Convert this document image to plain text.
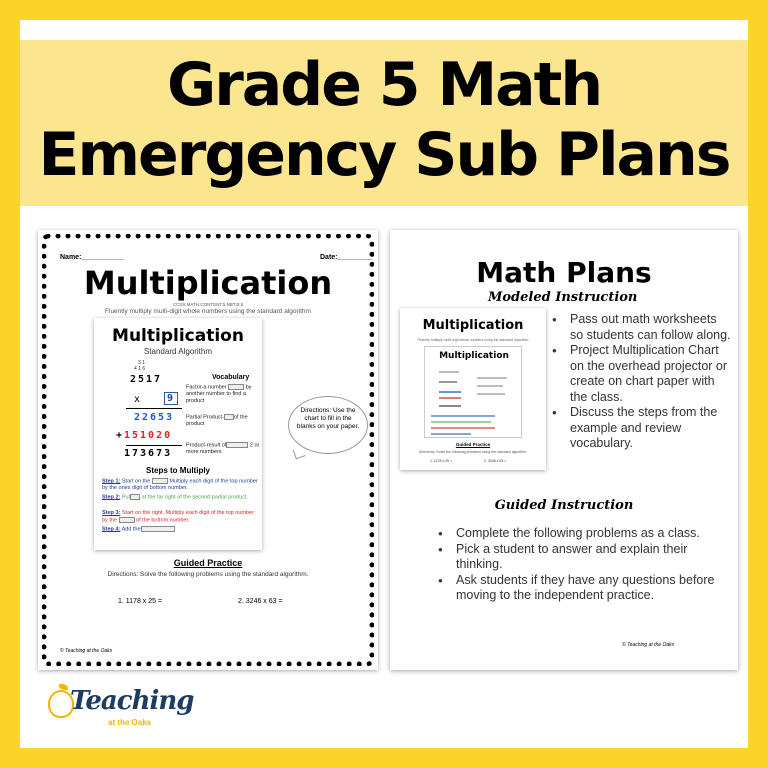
Grade 5 Math
Emergency Sub Plans
Name:___________	Date:_________
Multiplication
CCSS.MATH.CONTENT.5.NBT.B.5
Fluently multiply multi-digit whole numbers using the standard algorithm
Multiplication
Standard Algorithm
3 1
4 1 6
2517
x	9
22653
+ 151020
173673
Vocabulary
Factor-a number	by another number to find a product
Partial Product- of the product
Product-result of	2 or more numbers
Steps to Multiply
Step 1: Start on the	Multiply each digit of the top number by the ones digit of bottom number.
Step 2: Put at the far right of the second partial product.
Step 3: Start on the right. Multiply each digit of the top number by the	of the bottom number.
Step 4: Add the
Directions: Use the chart to fill in the blanks on your paper.
Guided Practice
Directions: Solve the following problems using the standard algorithm.
1. 1178 x 25 =	2. 3246 x 63 =
© Teaching at the Oaks
Math Plans
Modeled Instruction
Multiplication
Fluently multiply multi-digit whole numbers using the standard algorithm
Multiplication
Guided Practice
Directions: Solve the following problems using the standard algorithm.
1. 1178 x 25 =	2. 3246 x 63 =
● Pass out math worksheets so students can follow along.
● Project Multiplication Chart on the overhead projector or create on chart paper with the class.
● Discuss the steps from the example and review vocabulary.
Guided Instruction
● Complete the following problems as a class.
● Pick a student to answer and explain their thinking.
● Ask students if they have any questions before moving to the independent practice.
© Teaching at the Oaks
Teaching
at the Oaks
